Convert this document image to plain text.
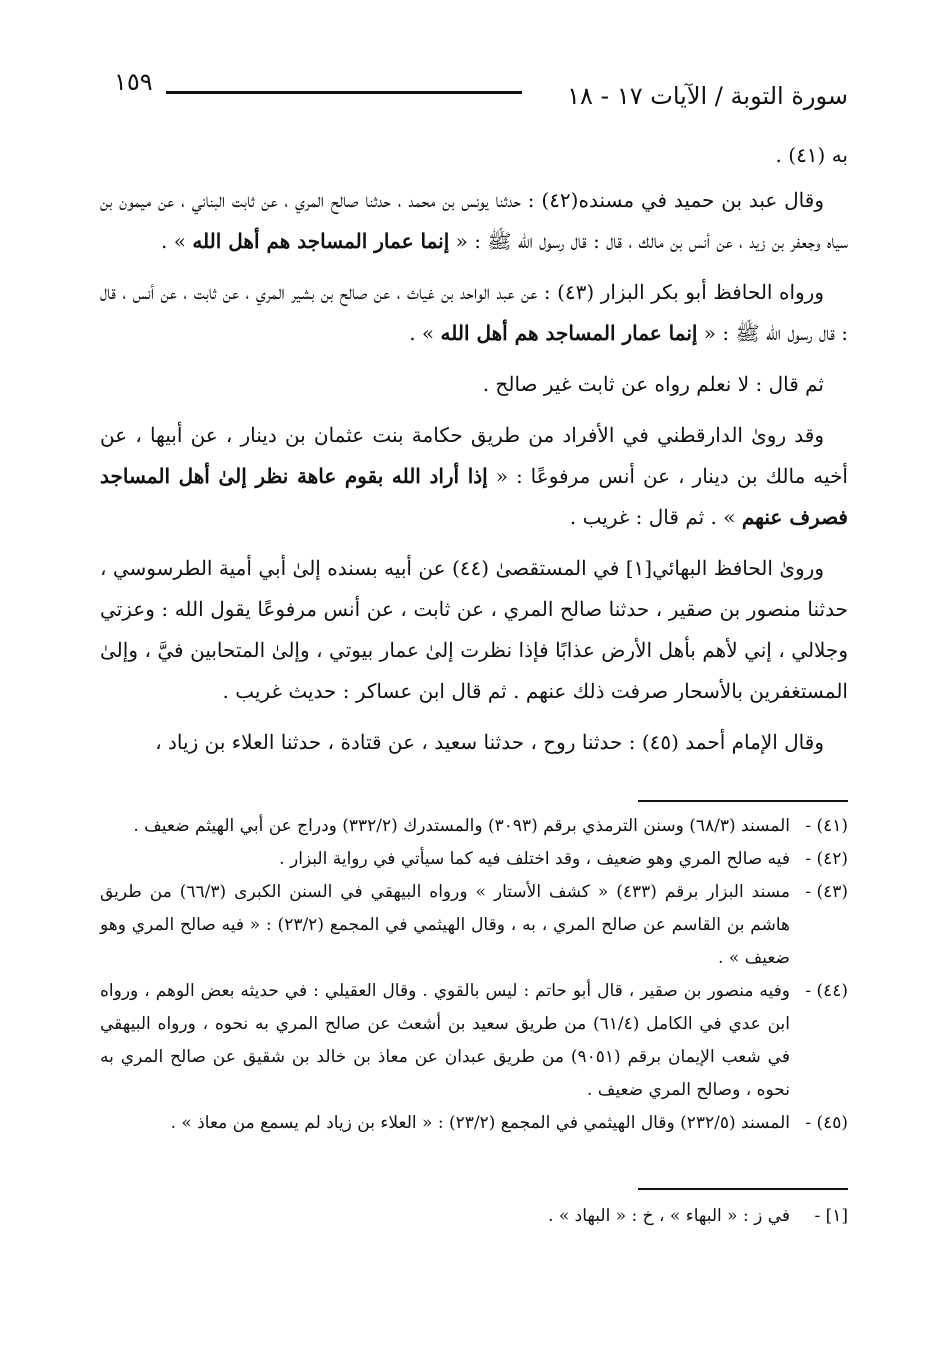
١٥٩	سورة التوبة / الآيات ١٧ - ١٨

به (٤١) .

وقال عبد بن حميد في مسنده(٤٢) : حدثنا يونس بن محمد ، حدثنا صالح المري ، عن ثابت البناني ، عن ميمون بن سياه وجعفر بن زيد ، عن أنس بن مالك ، قال : قال رسول الله ﷺ : « إنما عمار المساجد هم أهل الله » .

ورواه الحافظ أبو بكر البزار (٤٣) : عن عبد الواحد بن غياث ، عن صالح بن بشير المري ، عن ثابت ، عن أنس ، قال : قال رسول الله ﷺ : « إنما عمار المساجد هم أهل الله » .

ثم قال : لا نعلم رواه عن ثابت غير صالح .

وقد روىٰ الدارقطني في الأفراد من طريق حكامة بنت عثمان بن دينار ، عن أبيها ، عن أخيه مالك بن دينار ، عن أنس مرفوعًا : « إذا أراد الله بقوم عاهة نظر إلىٰ أهل المساجد فصرف عنهم » . ثم قال : غريب .

وروىٰ الحافظ البهائي[١] في المستقصىٰ (٤٤) عن أبيه بسنده إلىٰ أبي أمية الطرسوسي ، حدثنا منصور بن صقير ، حدثنا صالح المري ، عن ثابت ، عن أنس مرفوعًا يقول الله : وعزتي وجلالي ، إني لأهم بأهل الأرض عذابًا فإذا نظرت إلىٰ عمار بيوتي ، وإلىٰ المتحابين فيَّ ، وإلىٰ المستغفرين بالأسحار صرفت ذلك عنهم . ثم قال ابن عساكر : حديث غريب .

وقال الإمام أحمد (٤٥) : حدثنا روح ، حدثنا سعيد ، عن قتادة ، حدثنا العلاء بن زياد ،

(٤١) -المسند (٦٨/٣) وسنن الترمذي برقم (٣٠٩٣) والمستدرك (٣٣٢/٢) ودراج عن أبي الهيثم ضعيف .

(٤٢) -فيه صالح المري وهو ضعيف ، وقد اختلف فيه كما سيأتي في رواية البزار .

(٤٣) -مسند البزار برقم (٤٣٣) « كشف الأستار » ورواه البيهقي في السنن الكبرى (٦٦/٣) من طريق هاشم بن القاسم عن صالح المري ، به ، وقال الهيثمي في المجمع (٢٣/٢) : « فيه صالح المري وهو ضعيف » .

(٤٤) -وفيه منصور بن صقير ، قال أبو حاتم : ليس بالقوي . وقال العقيلي : في حديثه بعض الوهم ، ورواه ابن عدي في الكامل (٦١/٤) من طريق سعيد بن أشعث عن صالح المري به نحوه ، ورواه البيهقي في شعب الإيمان برقم (٩٠٥١) من طريق عبدان عن معاذ بن خالد بن شقيق عن صالح المري به نحوه ، وصالح المري ضعيف .

(٤٥) -المسند (٢٣٢/٥) وقال الهيثمي في المجمع (٢٣/٢) : « العلاء بن زياد لم يسمع من معاذ » .

[١] -في ز : « البهاء » ، خ : « البهاد » .
